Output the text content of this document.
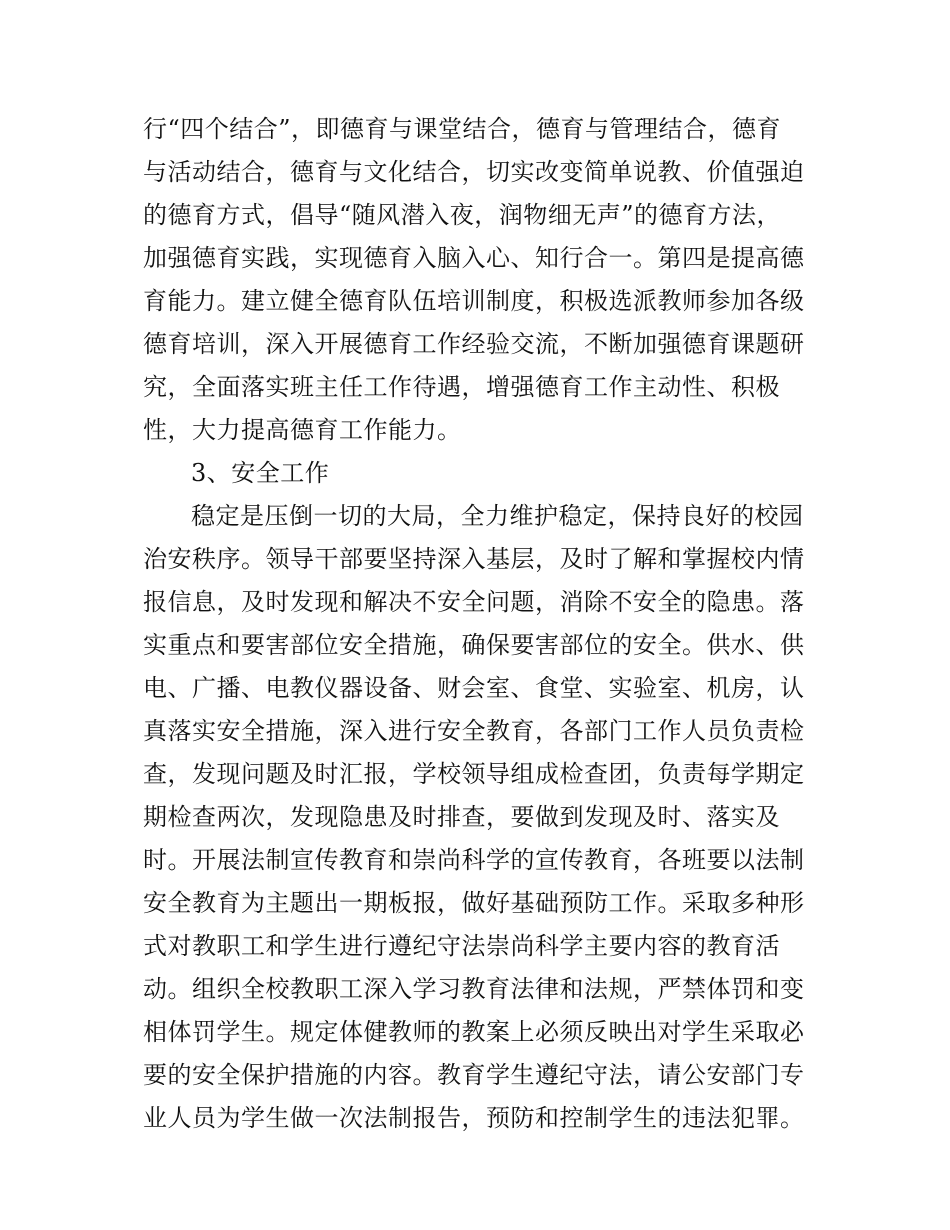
行“四个结合”，即德育与课堂结合，德育与管理结合，德育
与活动结合，德育与文化结合，切实改变简单说教、价值强迫
的德育方式，倡导“随风潜入夜，润物细无声”的德育方法，
加强德育实践，实现德育入脑入心、知行合一。第四是提高德
育能力。建立健全德育队伍培训制度，积极选派教师参加各级
德育培训，深入开展德育工作经验交流，不断加强德育课题研
究，全面落实班主任工作待遇，增强德育工作主动性、积极
性，大力提高德育工作能力。
3、安全工作
稳定是压倒一切的大局，全力维护稳定，保持良好的校园
治安秩序。领导干部要坚持深入基层，及时了解和掌握校内情
报信息，及时发现和解决不安全问题，消除不安全的隐患。落
实重点和要害部位安全措施，确保要害部位的安全。供水、供
电、广播、电教仪器设备、财会室、食堂、实验室、机房，认
真落实安全措施，深入进行安全教育，各部门工作人员负责检
查，发现问题及时汇报，学校领导组成检查团，负责每学期定
期检查两次，发现隐患及时排查，要做到发现及时、落实及
时。开展法制宣传教育和崇尚科学的宣传教育，各班要以法制
安全教育为主题出一期板报，做好基础预防工作。采取多种形
式对教职工和学生进行遵纪守法崇尚科学主要内容的教育活
动。组织全校教职工深入学习教育法律和法规，严禁体罚和变
相体罚学生。规定体健教师的教案上必须反映出对学生采取必
要的安全保护措施的内容。教育学生遵纪守法，请公安部门专
业人员为学生做一次法制报告，预防和控制学生的违法犯罪。
